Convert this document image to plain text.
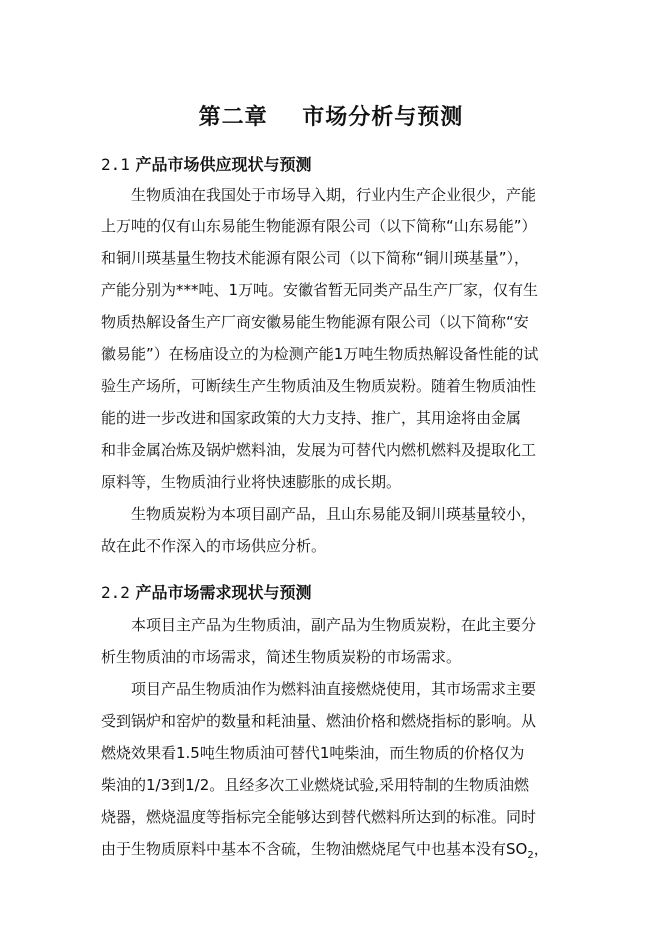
第二章    市场分析与预测
2.1 产品市场供应现状与预测

生物质油在我国处于市场导入期，行业内生产企业很少，产能

上万吨的仅有山东易能生物能源有限公司（以下简称“山东易能”）

和铜川瑛基量生物技术能源有限公司（以下简称“铜川瑛基量”），

产能分别为***吨、1万吨。安徽省暂无同类产品生产厂家，仅有生

物质热解设备生产厂商安徽易能生物能源有限公司（以下简称“安

徽易能”）在杨庙设立的为检测产能1万吨生物质热解设备性能的试

验生产场所，可断续生产生物质油及生物质炭粉。随着生物质油性

能的进一步改进和国家政策的大力支持、推广，其用途将由金属

和非金属冶炼及锅炉燃料油，发展为可替代内燃机燃料及提取化工

原料等，生物质油行业将快速膨胀的成长期。

生物质炭粉为本项目副产品，且山东易能及铜川瑛基量较小，

故在此不作深入的市场供应分析。

2.2 产品市场需求现状与预测

本项目主产品为生物质油，副产品为生物质炭粉，在此主要分

析生物质油的市场需求，简述生物质炭粉的市场需求。

项目产品生物质油作为燃料油直接燃烧使用，其市场需求主要

受到锅炉和窑炉的数量和耗油量、燃油价格和燃烧指标的影响。从

燃烧效果看1.5吨生物质油可替代1吨柴油，而生物质的价格仅为

柴油的1/3到1/2。且经多次工业燃烧试验,采用特制的生物质油燃

烧器，燃烧温度等指标完全能够达到替代燃料所达到的标准。同时

由于生物质原料中基本不含硫，生物油燃烧尾气中也基本没有$SO_2$，
